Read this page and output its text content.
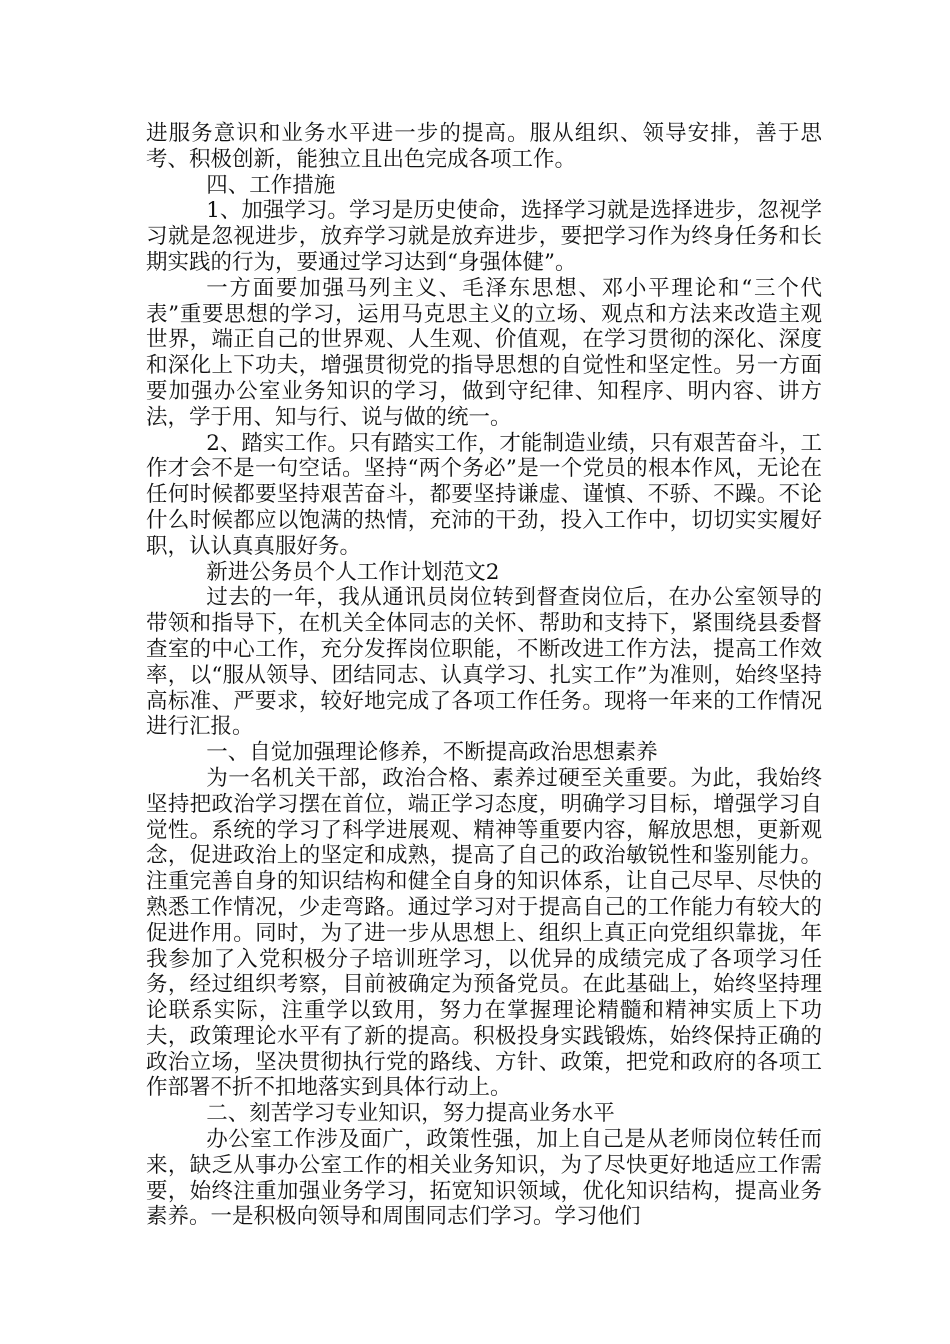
进服务意识和业务水平进一步的提高。服从组织、领导安排，善于思考、积极创新，能独立且出色完成各项工作。

四、工作措施

1、加强学习。学习是历史使命，选择学习就是选择进步，忽视学习就是忽视进步，放弃学习就是放弃进步，要把学习作为终身任务和长期实践的行为，要通过学习达到“身强体健”。

一方面要加强马列主义、毛泽东思想、邓小平理论和“三个代表”重要思想的学习，运用马克思主义的立场、观点和方法来改造主观世界，端正自己的世界观、人生观、价值观，在学习贯彻的深化、深度和深化上下功夫，增强贯彻党的指导思想的自觉性和坚定性。另一方面要加强办公室业务知识的学习，做到守纪律、知程序、明内容、讲方法，学于用、知与行、说与做的统一。

2、踏实工作。只有踏实工作，才能制造业绩，只有艰苦奋斗，工作才会不是一句空话。坚持“两个务必”是一个党员的根本作风，无论在任何时候都要坚持艰苦奋斗，都要坚持谦虚、谨慎、不骄、不躁。不论什么时候都应以饱满的热情，充沛的干劲，投入工作中，切切实实履好职，认认真真服好务。

新进公务员个人工作计划范文2

过去的一年，我从通讯员岗位转到督查岗位后，在办公室领导的带领和指导下，在机关全体同志的关怀、帮助和支持下，紧围绕县委督查室的中心工作，充分发挥岗位职能，不断改进工作方法，提高工作效率，以“服从领导、团结同志、认真学习、扎实工作”为准则，始终坚持高标准、严要求，较好地完成了各项工作任务。现将一年来的工作情况进行汇报。

一、自觉加强理论修养，不断提高政治思想素养

为一名机关干部，政治合格、素养过硬至关重要。为此，我始终坚持把政治学习摆在首位，端正学习态度，明确学习目标，增强学习自觉性。系统的学习了科学进展观、精神等重要内容，解放思想，更新观念，促进政治上的坚定和成熟，提高了自己的政治敏锐性和鉴别能力。注重完善自身的知识结构和健全自身的知识体系，让自己尽早、尽快的熟悉工作情况，少走弯路。通过学习对于提高自己的工作能力有较大的促进作用。同时，为了进一步从思想上、组织上真正向党组织靠拢，年我参加了入党积极分子培训班学习，以优异的成绩完成了各项学习任务，经过组织考察，目前被确定为预备党员。在此基础上，始终坚持理论联系实际，注重学以致用，努力在掌握理论精髓和精神实质上下功夫，政策理论水平有了新的提高。积极投身实践锻炼，始终保持正确的政治立场，坚决贯彻执行党的路线、方针、政策，把党和政府的各项工作部署不折不扣地落实到具体行动上。

二、刻苦学习专业知识，努力提高业务水平

办公室工作涉及面广，政策性强，加上自己是从老师岗位转任而来，缺乏从事办公室工作的相关业务知识，为了尽快更好地适应工作需要，始终注重加强业务学习，拓宽知识领域，优化知识结构，提高业务素养。一是积极向领导和周围同志们学习。学习他们
